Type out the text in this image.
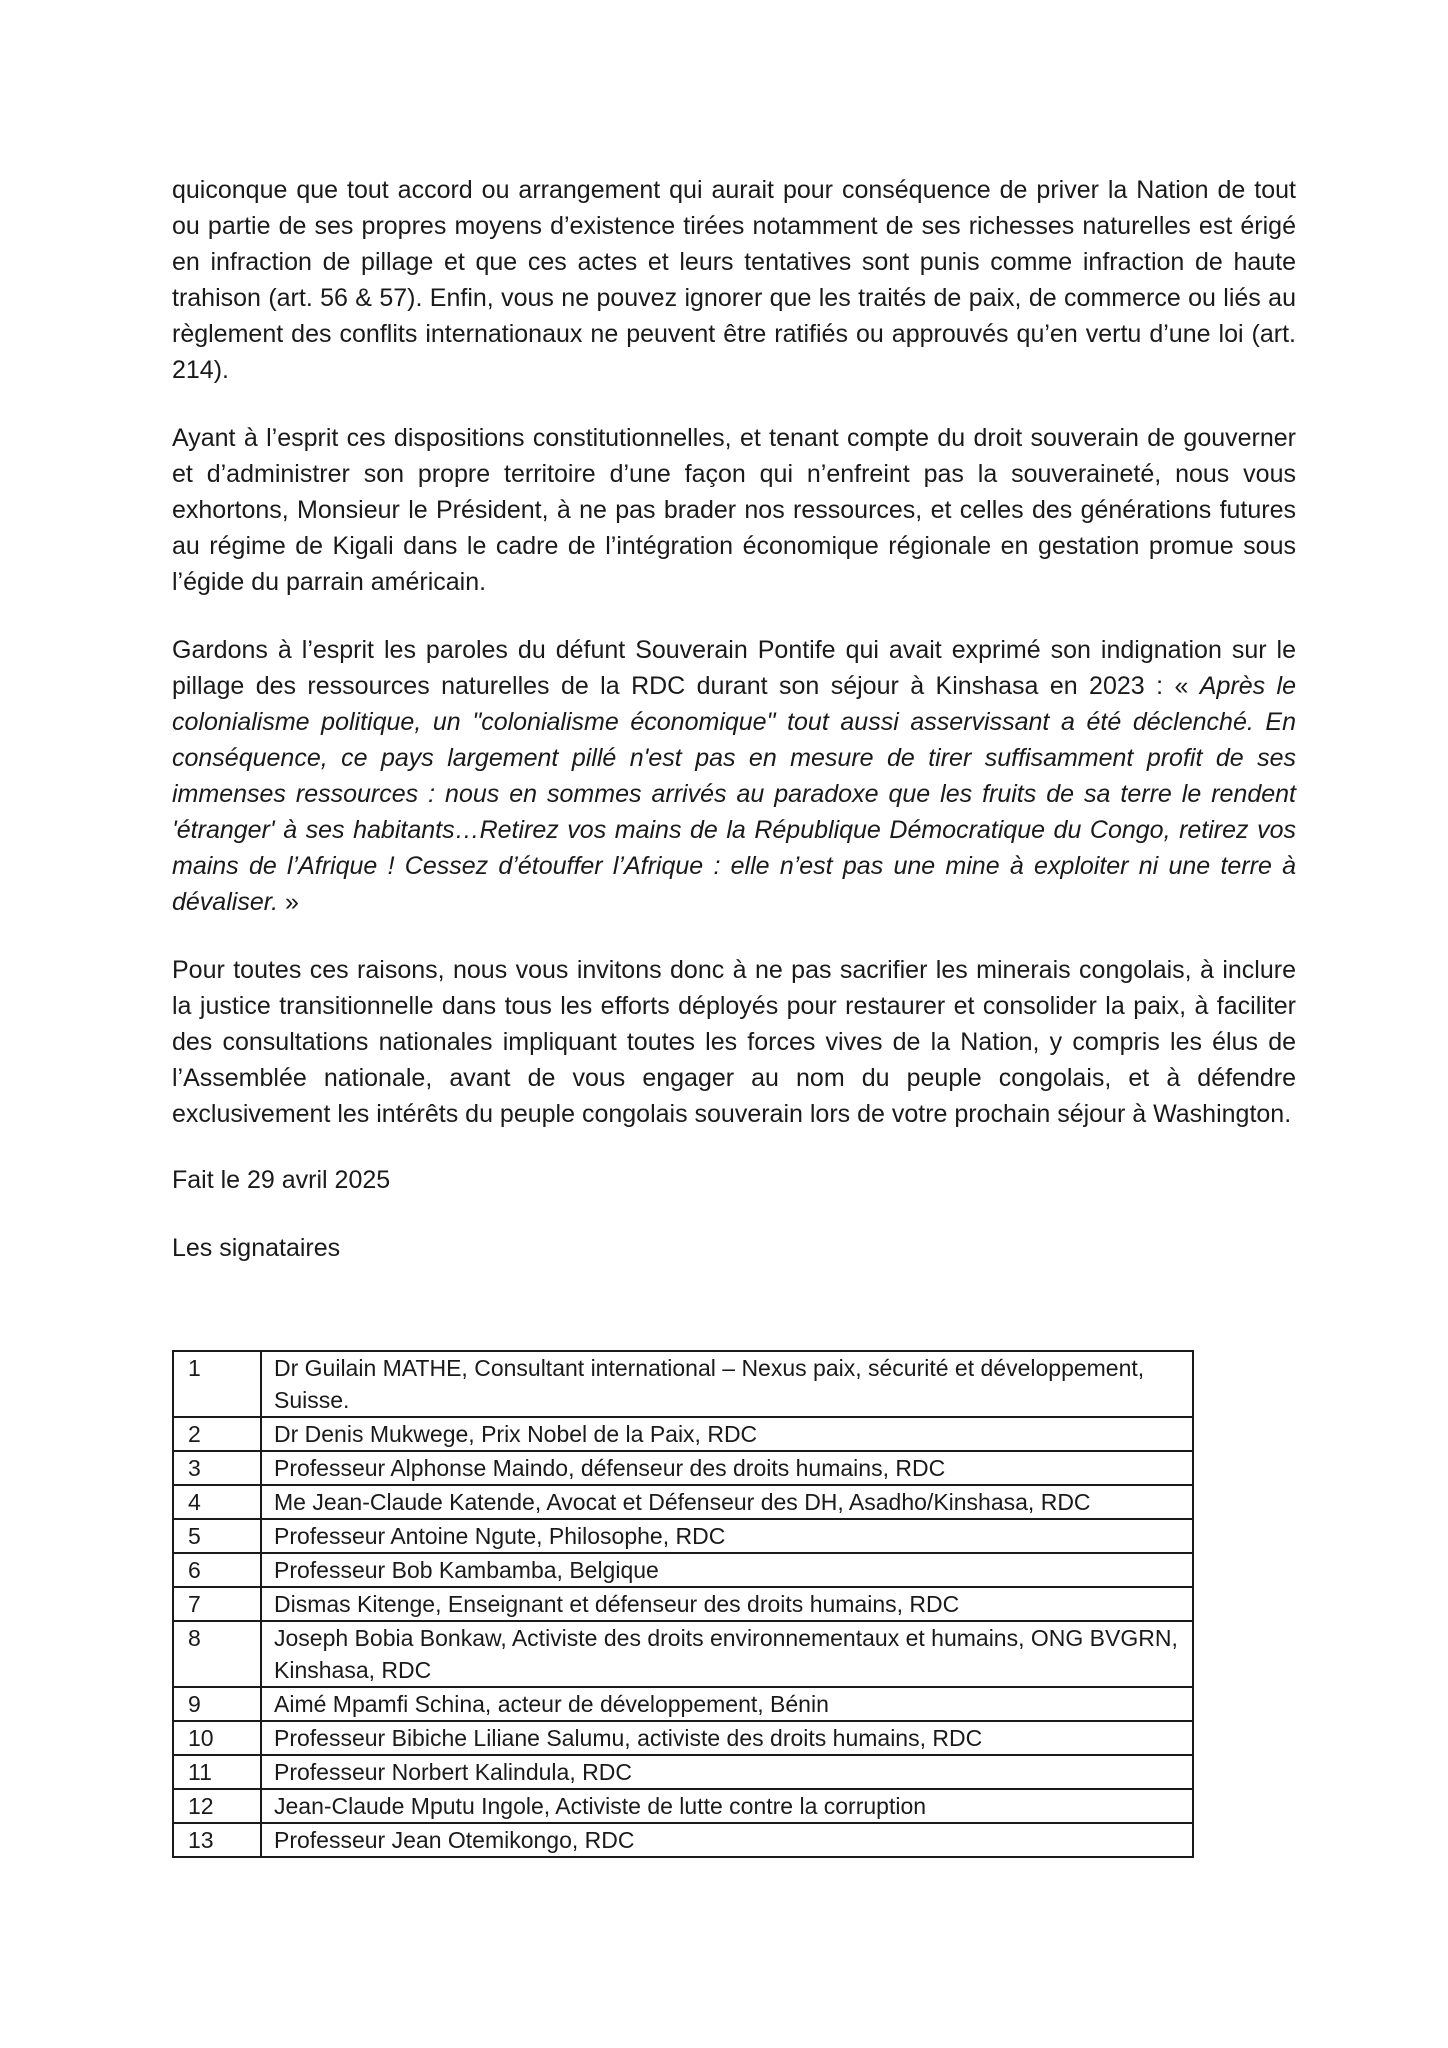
quiconque que tout accord ou arrangement qui aurait pour conséquence de priver la Nation de tout ou partie de ses propres moyens d’existence tirées notamment de ses richesses naturelles est érigé en infraction de pillage et que ces actes et leurs tentatives sont punis comme infraction de haute trahison (art. 56 & 57). Enfin, vous ne pouvez ignorer que les traités de paix, de commerce ou liés au règlement des conflits internationaux ne peuvent être ratifiés ou approuvés qu’en vertu d’une loi (art. 214).

Ayant à l’esprit ces dispositions constitutionnelles, et tenant compte du droit souverain de gouverner et d’administrer son propre territoire d’une façon qui n’enfreint pas la souveraineté, nous vous exhortons, Monsieur le Président, à ne pas brader nos ressources, et celles des générations futures au régime de Kigali dans le cadre de l’intégration économique régionale en gestation promue sous l’égide du parrain américain.

Gardons à l’esprit les paroles du défunt Souverain Pontife qui avait exprimé son indignation sur le pillage des ressources naturelles de la RDC durant son séjour à Kinshasa en 2023 : « Après le colonialisme politique, un "colonialisme économique" tout aussi asservissant a été déclenché. En conséquence, ce pays largement pillé n'est pas en mesure de tirer suffisamment profit de ses immenses ressources : nous en sommes arrivés au paradoxe que les fruits de sa terre le rendent 'étranger' à ses habitants…Retirez vos mains de la République Démocratique du Congo, retirez vos mains de l’Afrique ! Cessez d’étouffer l’Afrique : elle n’est pas une mine à exploiter ni une terre à dévaliser. »

Pour toutes ces raisons, nous vous invitons donc à ne pas sacrifier les minerais congolais, à inclure la justice transitionnelle dans tous les efforts déployés pour restaurer et consolider la paix, à faciliter des consultations nationales impliquant toutes les forces vives de la Nation, y compris les élus de l’Assemblée nationale, avant de vous engager au nom du peuple congolais, et à défendre exclusivement les intérêts du peuple congolais souverain lors de votre prochain séjour à Washington.

Fait le 29 avril 2025

Les signataires

1	Dr Guilain MATHE, Consultant international – Nexus paix, sécurité et développement, Suisse.
2	Dr Denis Mukwege, Prix Nobel de la Paix, RDC
3	Professeur Alphonse Maindo, défenseur des droits humains, RDC
4	Me Jean-Claude Katende, Avocat et Défenseur des DH, Asadho/Kinshasa, RDC
5	Professeur Antoine Ngute, Philosophe, RDC
6	Professeur Bob Kambamba, Belgique
7	Dismas Kitenge, Enseignant et défenseur des droits humains, RDC
8	Joseph Bobia Bonkaw, Activiste des droits environnementaux et humains, ONG BVGRN, Kinshasa, RDC
9	Aimé Mpamfi Schina, acteur de développement, Bénin
10	Professeur Bibiche Liliane Salumu, activiste des droits humains, RDC
11	Professeur Norbert Kalindula, RDC
12	Jean-Claude Mputu Ingole, Activiste de lutte contre la corruption
13	Professeur Jean Otemikongo, RDC
